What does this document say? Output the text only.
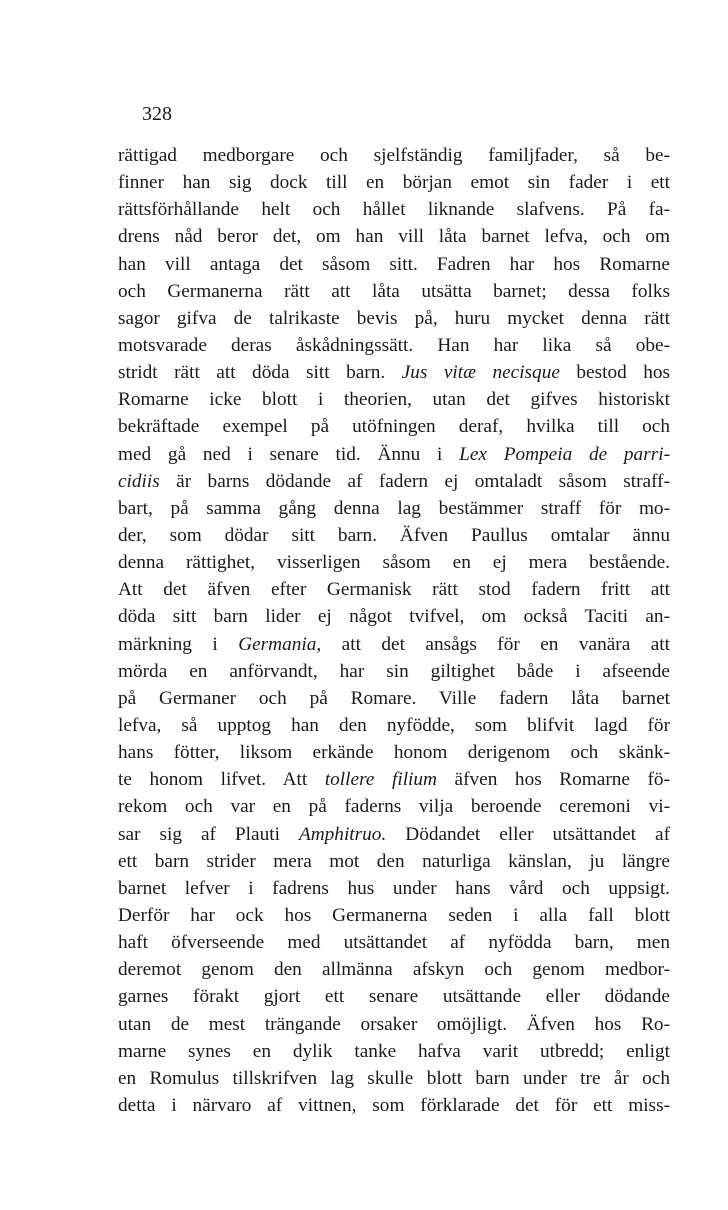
328
rättigad medborgare och sjelfständig familjfader, så be-
finner han sig dock till en början emot sin fader i ett
rättsförhållande helt och hållet liknande slafvens. På fa-
drens nåd beror det, om han vill låta barnet lefva, och om
han vill antaga det såsom sitt. Fadren har hos Romarne
och Germanerna rätt att låta utsätta barnet; dessa folks
sagor gifva de talrikaste bevis på, huru mycket denna rätt
motsvarade deras åskådningssätt. Han har lika så obe-
stridt rätt att döda sitt barn. Jus vitæ necisque bestod hos
Romarne icke blott i theorien, utan det gifves historiskt
bekräftade exempel på utöfningen deraf, hvilka till och
med gå ned i senare tid. Ännu i Lex Pompeia de parri-
cidiis är barns dödande af fadern ej omtaladt såsom straff-
bart, på samma gång denna lag bestämmer straff för mo-
der, som dödar sitt barn. Äfven Paullus omtalar ännu
denna rättighet, visserligen såsom en ej mera bestående.
Att det äfven efter Germanisk rätt stod fadern fritt att
döda sitt barn lider ej något tvifvel, om också Taciti an-
märkning i Germania, att det ansågs för en vanära att
mörda en anförvandt, har sin giltighet både i afseende
på Germaner och på Romare. Ville fadern låta barnet
lefva, så upptog han den nyfödde, som blifvit lagd för
hans fötter, liksom erkände honom derigenom och skänk-
te honom lifvet. Att tollere filium äfven hos Romarne fö-
rekom och var en på faderns vilja beroende ceremoni vi-
sar sig af Plauti Amphitruo. Dödandet eller utsättandet af
ett barn strider mera mot den naturliga känslan, ju längre
barnet lefver i fadrens hus under hans vård och uppsigt.
Derför har ock hos Germanerna seden i alla fall blott
haft öfverseende med utsättandet af nyfödda barn, men
deremot genom den allmänna afskyn och genom medbor-
garnes förakt gjort ett senare utsättande eller dödande
utan de mest trängande orsaker omöjligt. Äfven hos Ro-
marne synes en dylik tanke hafva varit utbredd; enligt
en Romulus tillskrifven lag skulle blott barn under tre år och
detta i närvaro af vittnen, som förklarade det för ett miss-
